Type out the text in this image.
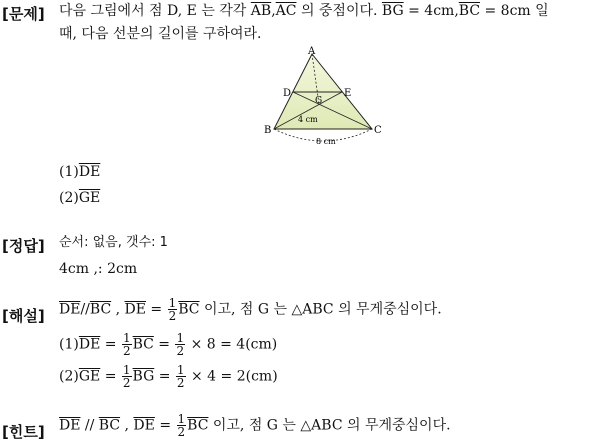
[문제] 다음 그림에서 점 D, E 는 각각 $\overline{AB},\overline{AC}$ 의 중점이다. $\overline{BG} = 4cm,\overline{BC} = 8cm$ 일
때, 다음 선분의 길이를 구하여라.
A
D	E
G
B	C
4 cm
8 cm
$(1)\overline{DE}$
$(2)\overline{GE}$
[정답] 순서: 없음, 갯수: 1
4cm ,: 2cm
[해설] $\overline{DE}//\overline{BC}$ , $\overline{DE} = \frac{1}{2} \overline{BC}$ 이고, 점 G 는 △ABC 의 무게중심이다.
$(1)\overline{DE} = \frac{1}{2} \overline{BC} = \frac{1}{2} \times 8 = 4(cm)$
$(2)\overline{GE} = \frac{1}{2} \overline{BG} = \frac{1}{2} \times 4 = 2(cm)$
[힌트] $\overline{DE} // \overline{BC}$ , $\overline{DE} = \frac{1}{2} \overline{BC}$ 이고, 점 G 는 △ABC 의 무게중심이다.
